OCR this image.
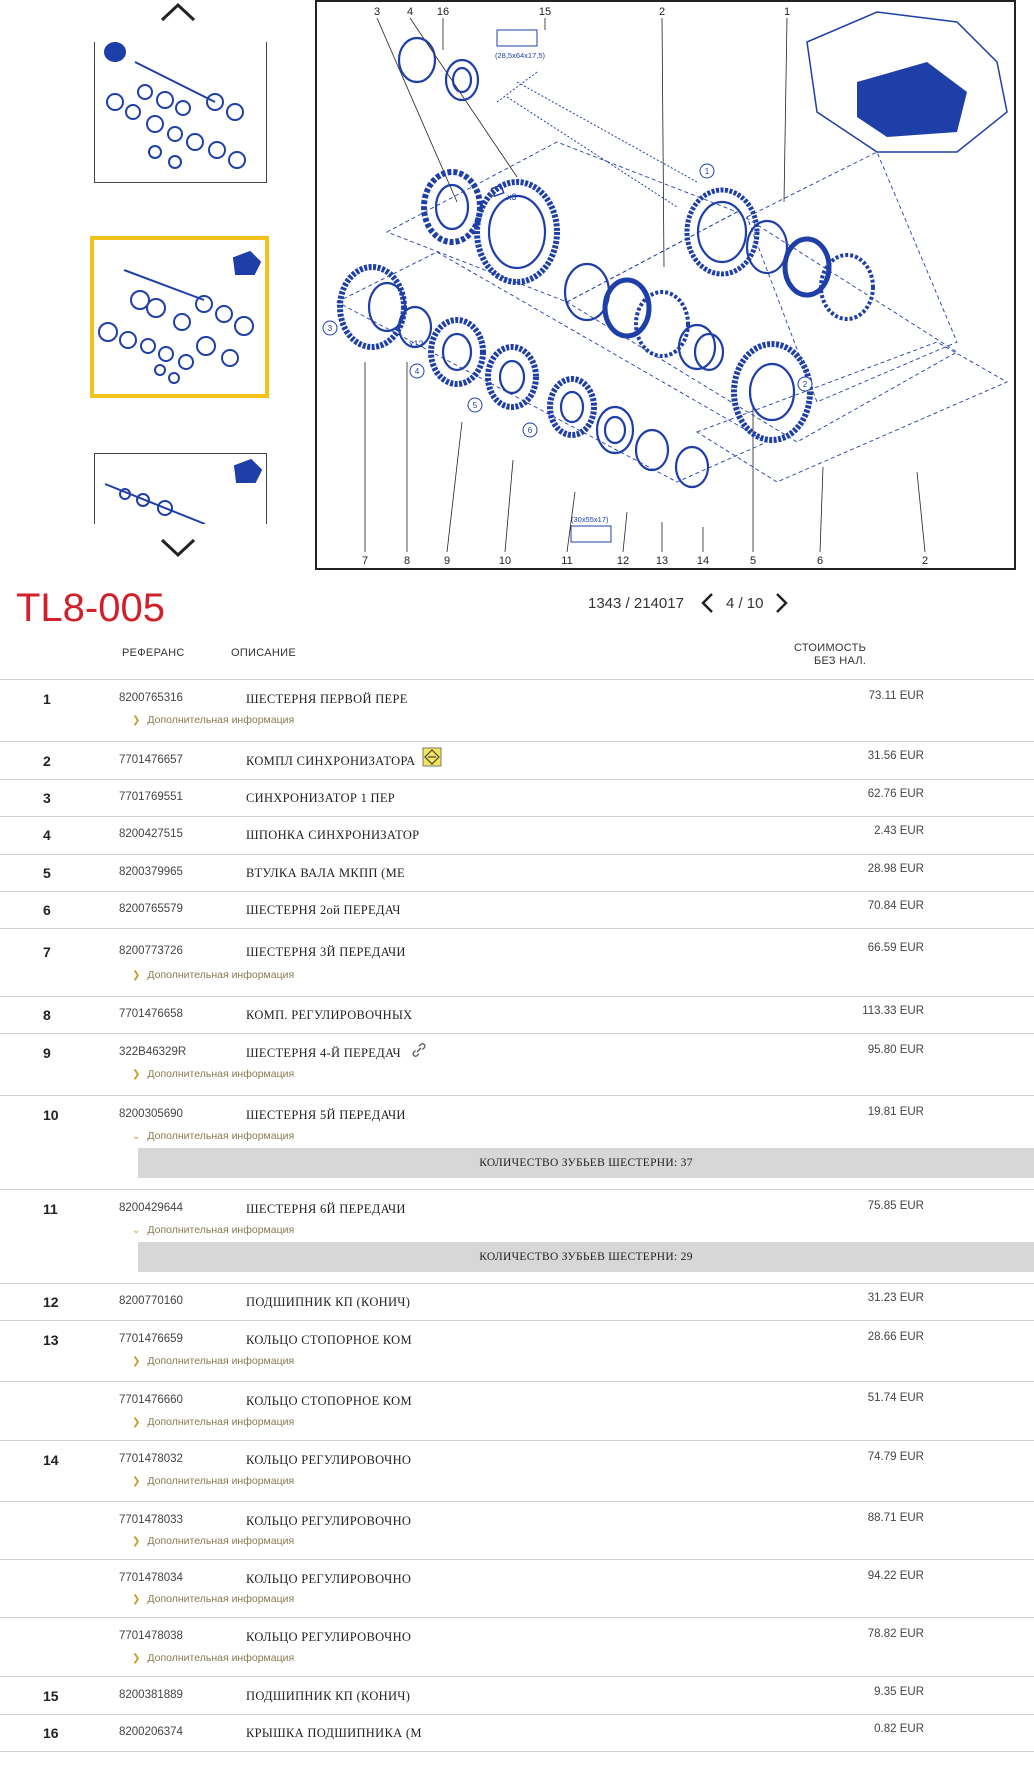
x3
x12
(28,5x64x17,5)
(30x55x17)
1
2
3
4
5
6
3 4 16	15	2	1
7	8	9	10	11	12 13	14	5	6	2
TL8-005	1343 / 214017	4 / 10
РЕФЕРАНС	ОПИСАНИЕ	СТОИМОСТЬ
БЕЗ НАЛ.
1	8200765316	ШЕСТЕРНЯ ПЕРВОЙ ПЕРЕ	73.11 EUR
❯ Дополнительная информация
2	7701476657	КОМПЛ СИНХРОНИЗАТОРА	31.56 EUR
3	7701769551	СИНХРОНИЗАТОР 1 ПЕР	62.76 EUR
4	8200427515	ШПОНКА СИНХРОНИЗАТОР	2.43 EUR
5	8200379965	ВТУЛКА ВАЛА МКПП (МЕ	28.98 EUR
6	8200765579	ШЕСТЕРНЯ 2ой ПЕРЕДАЧ	70.84 EUR
7	8200773726	ШЕСТЕРНЯ 3Й ПЕРЕДАЧИ	66.59 EUR
❯ Дополнительная информация
8	7701476658	КОМП. РЕГУЛИРОВОЧНЫХ	113.33 EUR
9	322B46329R	ШЕСТЕРНЯ 4-Й ПЕРЕДАЧ	95.80 EUR
❯ Дополнительная информация
10	8200305690	ШЕСТЕРНЯ 5Й ПЕРЕДАЧИ	19.81 EUR
⌄ Дополнительная информация
КОЛИЧЕСТВО ЗУБЬЕВ ШЕСТЕРНИ: 37
11	8200429644	ШЕСТЕРНЯ 6Й ПЕРЕДАЧИ	75.85 EUR
⌄ Дополнительная информация
КОЛИЧЕСТВО ЗУБЬЕВ ШЕСТЕРНИ: 29
12	8200770160	ПОДШИПНИК КП (КОНИЧ)	31.23 EUR
13	7701476659	КОЛЬЦО СТОПОРНОЕ КОМ	28.66 EUR
❯ Дополнительная информация
7701476660	КОЛЬЦО СТОПОРНОЕ КОМ	51.74 EUR
❯ Дополнительная информация
14	7701478032	КОЛЬЦО РЕГУЛИРОВОЧНО	74.79 EUR
❯ Дополнительная информация
7701478033	КОЛЬЦО РЕГУЛИРОВОЧНО	88.71 EUR
❯ Дополнительная информация
7701478034	КОЛЬЦО РЕГУЛИРОВОЧНО	94.22 EUR
❯ Дополнительная информация
7701478038	КОЛЬЦО РЕГУЛИРОВОЧНО	78.82 EUR
❯ Дополнительная информация
15	8200381889	ПОДШИПНИК КП (КОНИЧ)	9.35 EUR
16	8200206374	КРЫШКА ПОДШИПНИКА (М	0.82 EUR
